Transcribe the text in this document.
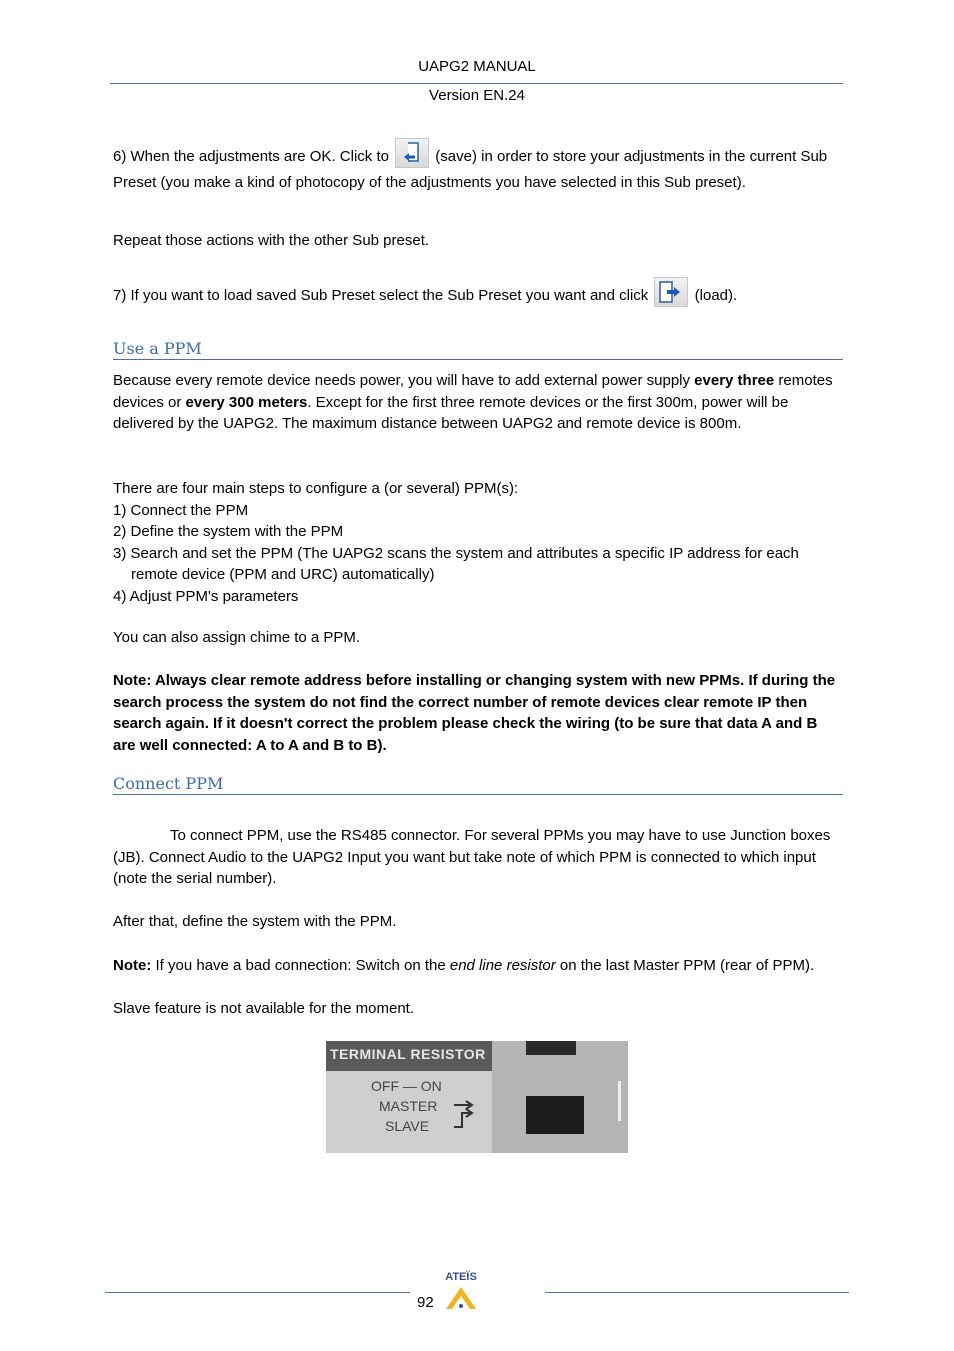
UAPG2 MANUAL
Version EN.24
6) When the adjustments are OK. Click to	(save) in order to store your adjustments in the current Sub Preset (you make a kind of photocopy of the adjustments you have selected in this Sub preset).
Repeat those actions with the other Sub preset.
7) If you want to load saved Sub Preset select the Sub Preset you want and click	(load).
Use a PPM
Because every remote device needs power, you will have to add external power supply every three remotes devices or every 300 meters. Except for the first three remote devices or the first 300m, power will be delivered by the UAPG2. The maximum distance between UAPG2 and remote device is 800m.
There are four main steps to configure a (or several) PPM(s):
1) Connect the PPM
2) Define the system with the PPM
3) Search and set the PPM (The UAPG2 scans the system and attributes a specific IP address for each remote device (PPM and URC) automatically)
4) Adjust PPM's parameters
You can also assign chime to a PPM.
Note: Always clear remote address before installing or changing system with new PPMs. If during the search process the system do not find the correct number of remote devices clear remote IP then search again. If it doesn't correct the problem please check the wiring (to be sure that data A and B are well connected: A to A and B to B).
Connect PPM
To connect PPM, use the RS485 connector. For several PPMs you may have to use Junction boxes (JB). Connect Audio to the UAPG2 Input you want but take note of which PPM is connected to which input (note the serial number).
After that, define the system with the PPM.
Note: If you have a bad connection: Switch on the end line resistor on the last Master PPM (rear of PPM).
Slave feature is not available for the moment.
TERMINAL RESISTOR
OFF — ON
MASTER
SLAVE
92
ATEÏS
